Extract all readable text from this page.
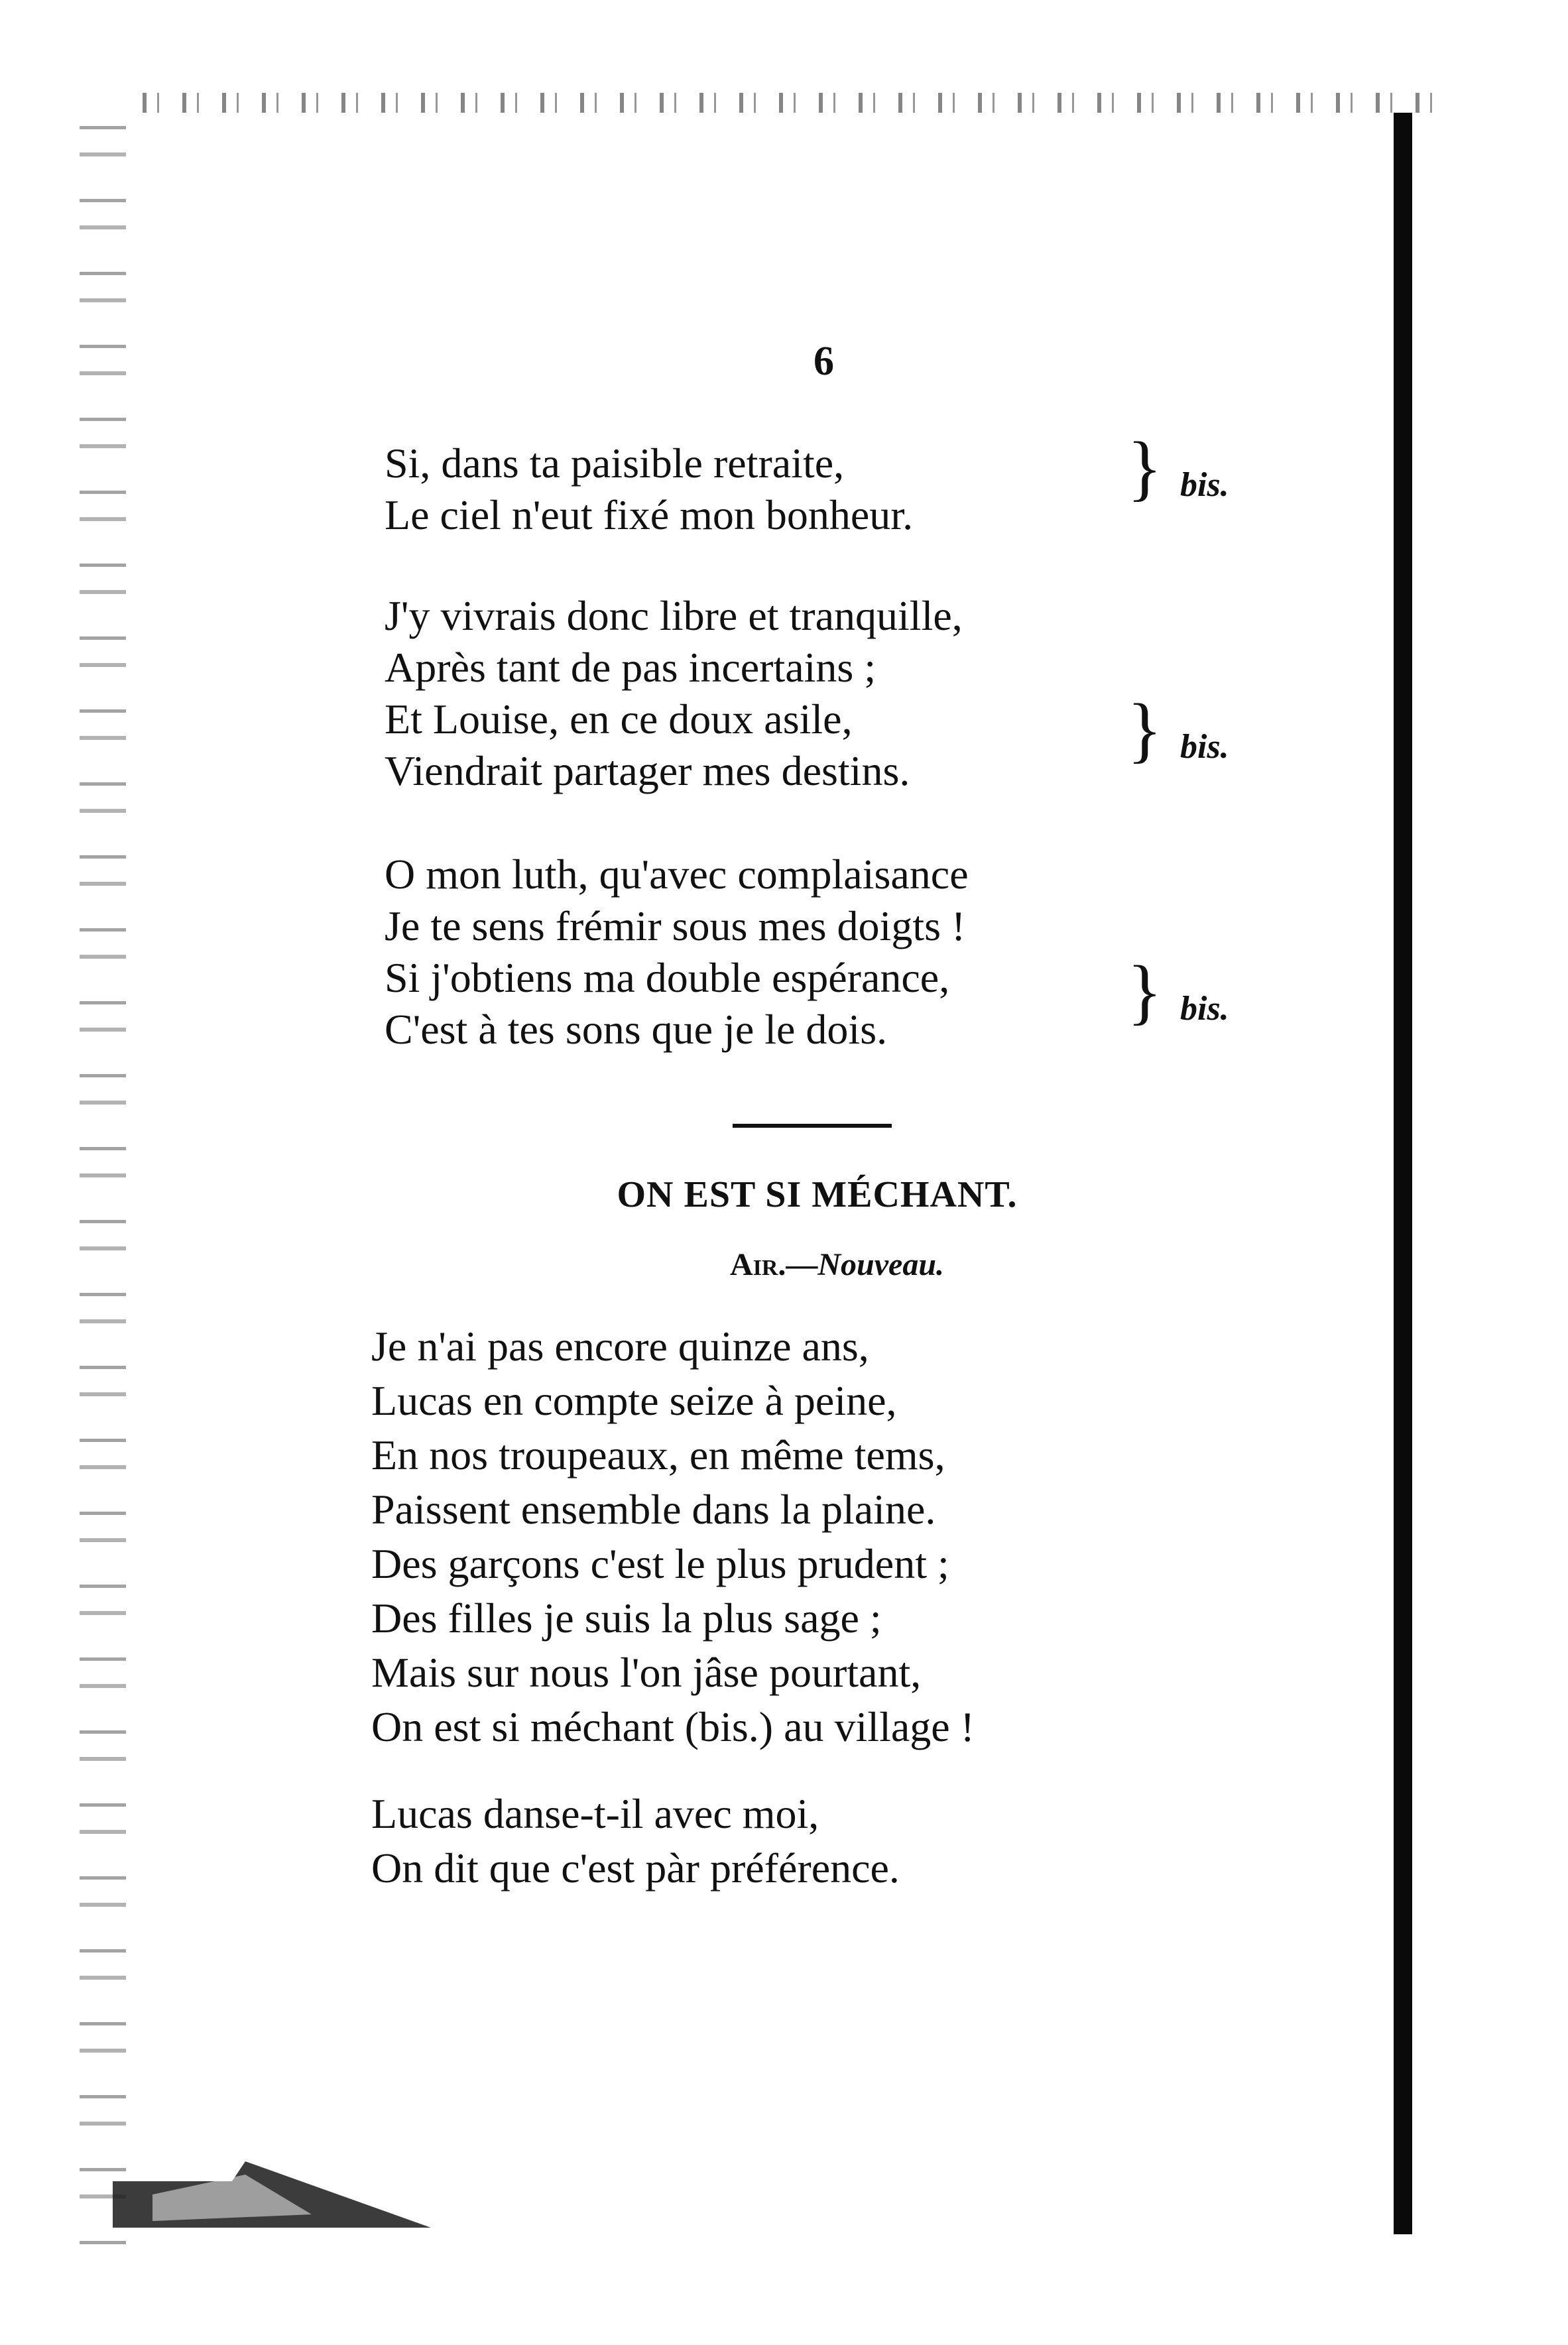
6
Si, dans ta paisible retraite,
Le ciel n'eut fixé mon bonheur.
} bis.
J'y vivrais donc libre et tranquille,
Après tant de pas incertains ;
Et Louise, en ce doux asile,
Viendrait partager mes destins.
} bis.
O mon luth, qu'avec complaisance
Je te sens frémir sous mes doigts !
Si j'obtiens ma double espérance,
C'est à tes sons que je le dois.	} bis.
ON EST SI MÉCHANT.
Air.—Nouveau.
Je n'ai pas encore quinze ans,
Lucas en compte seize à peine,
En nos troupeaux, en même tems,
Paissent ensemble dans la plaine.
Des garçons c'est le plus prudent ;
Des filles je suis la plus sage ;
Mais sur nous l'on jâse pourtant,
On est si méchant (bis.) au village !
Lucas danse-t-il avec moi,
On dit que c'est pàr préférence.
